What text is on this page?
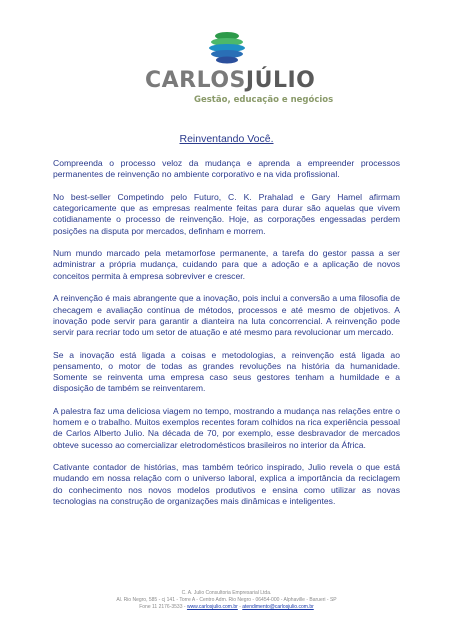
CARLOSJÚLIO
Gestão, educação e negócios
Reinventando Você.

Compreenda o processo veloz da mudança e aprenda a empreender processos permanentes de reinvenção no ambiente corporativo e na vida profissional.

No best-seller Competindo pelo Futuro, C. K. Prahalad e Gary Hamel afirmam categoricamente que as empresas realmente feitas para durar são aquelas que vivem cotidianamente o processo de reinvenção. Hoje, as corporações engessadas perdem posições na disputa por mercados, definham e morrem.

Num mundo marcado pela metamorfose permanente, a tarefa do gestor passa a ser administrar a própria mudança, cuidando para que a adoção e a aplicação de novos conceitos permita à empresa sobreviver e crescer.

A reinvenção é mais abrangente que a inovação, pois inclui a conversão a uma filosofia de checagem e avaliação contínua de métodos, processos e até mesmo de objetivos. A inovação pode servir para garantir a dianteira na luta concorrencial. A reinvenção pode servir para recriar todo um setor de atuação e até mesmo para revolucionar um mercado.

Se a inovação está ligada a coisas e metodologias, a reinvenção está ligada ao pensamento, o motor de todas as grandes revoluções na história da humanidade. Somente se reinventa uma empresa caso seus gestores tenham a humildade e a disposição de também se reinventarem.

A palestra faz uma deliciosa viagem no tempo, mostrando a mudança nas relações entre o homem e o trabalho. Muitos exemplos recentes foram colhidos na rica experiência pessoal de Carlos Alberto Julio. Na década de 70, por exemplo, esse desbravador de mercados obteve sucesso ao comercializar eletrodomésticos brasileiros no interior da África.

Cativante contador de histórias, mas também teórico inspirado, Julio revela o que está mudando em nossa relação com o universo laboral, explica a importância da reciclagem do conhecimento nos novos modelos produtivos e ensina como utilizar as novas tecnologias na construção de organizações mais dinâmicas e inteligentes.

C. A. Julio Consultoria Empresarial Ltda.
Al. Rio Negro, 585 - cj 141 - Torre A - Centro Adm. Rio Negro - 06454-000 - Alphaville - Barueri - SP
Fone 11 2176-3533 - www.carlosjulio.com.br - atendimento@carlosjulio.com.br
